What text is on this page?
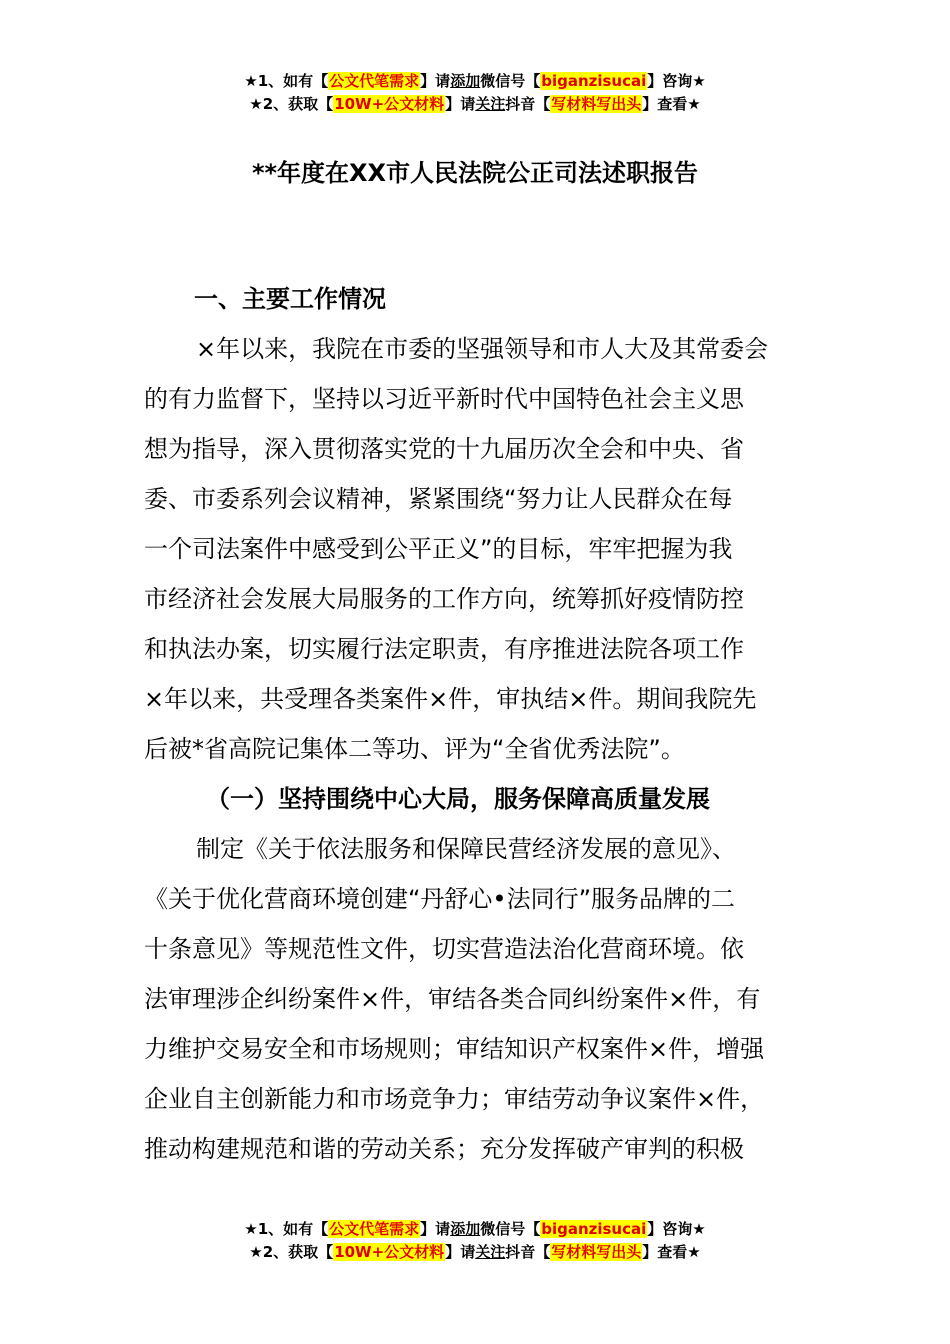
★1、如有【公文代笔需求】请添加微信号【biganzisucai】咨询★
★2、获取【10W+公文材料】请关注抖音【写材料写出头】查看★
**年度在XX市人民法院公正司法述职报告
一、主要工作情况
×年以来，我院在市委的坚强领导和市人大及其常委会
的有力监督下，坚持以习近平新时代中国特色社会主义思
想为指导，深入贯彻落实党的十九届历次全会和中央、省
委、市委系列会议精神，紧紧围绕“努力让人民群众在每
一个司法案件中感受到公平正义”的目标，牢牢把握为我
市经济社会发展大局服务的工作方向，统筹抓好疫情防控
和执法办案，切实履行法定职责，有序推进法院各项工作
×年以来，共受理各类案件×件，审执结×件。期间我院先
后被*省高院记集体二等功、评为“全省优秀法院”。
（一）坚持围绕中心大局，服务保障高质量发展
制定《关于依法服务和保障民营经济发展的意见》、
《关于优化营商环境创建“丹舒心•法同行”服务品牌的二
十条意见》等规范性文件，切实营造法治化营商环境。依
法审理涉企纠纷案件×件，审结各类合同纠纷案件×件，有
力维护交易安全和市场规则；审结知识产权案件×件，增强
企业自主创新能力和市场竞争力；审结劳动争议案件×件，
推动构建规范和谐的劳动关系；充分发挥破产审判的积极
★1、如有【公文代笔需求】请添加微信号【biganzisucai】咨询★
★2、获取【10W+公文材料】请关注抖音【写材料写出头】查看★
